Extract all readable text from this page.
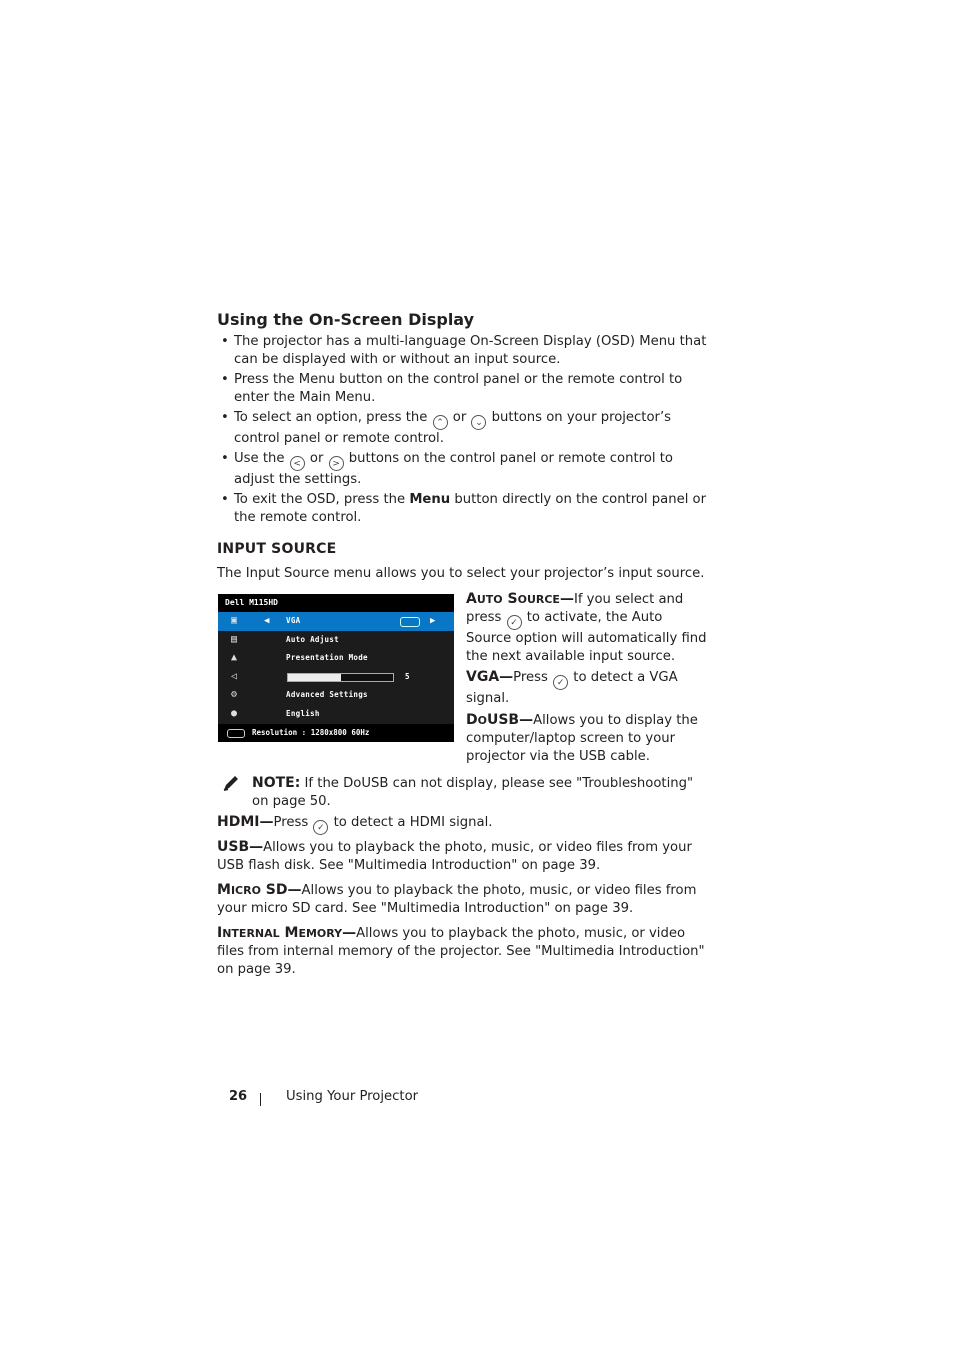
Using the On-Screen Display
• The projector has a multi-language On-Screen Display (OSD) Menu that can be displayed with or without an input source.
• Press the Menu button on the control panel or the remote control to enter the Main Menu.
• To select an option, press the ⌃ or ⌄ buttons on your projector’s control panel or remote control.
• Use the < or > buttons on the control panel or remote control to adjust the settings.
• To exit the OSD, press the Menu button directly on the control panel or the remote control.
INPUT SOURCE
The Input Source menu allows you to select your projector’s input source.
Dell M115HD
▣	◀ VGA	▶
▤	Auto Adjust
▲	Presentation Mode
◁	5
⚙	Advanced Settings
●	English
Resolution : 1280x800 60Hz
AUTO SOURCE—If you select and
press ✓ to activate, the Auto Source option will automatically find the next available input source.
VGA—Press ✓ to detect a VGA signal.
DOUSB—Allows you to display the computer/laptop screen to your projector via the USB cable.
NOTE: If the DoUSB can not display, please see "Troubleshooting" on page 50.
HDMI—Press ✓ to detect a HDMI signal.
USB—Allows you to playback the photo, music, or video files from your USB flash disk. See "Multimedia Introduction" on page 39.
MICRO SD—Allows you to playback the photo, music, or video files from your micro SD card. See "Multimedia Introduction" on page 39.
INTERNAL MEMORY—Allows you to playback the photo, music, or video files from internal memory of the projector. See "Multimedia Introduction" on page 39.
26	Using Your Projector
